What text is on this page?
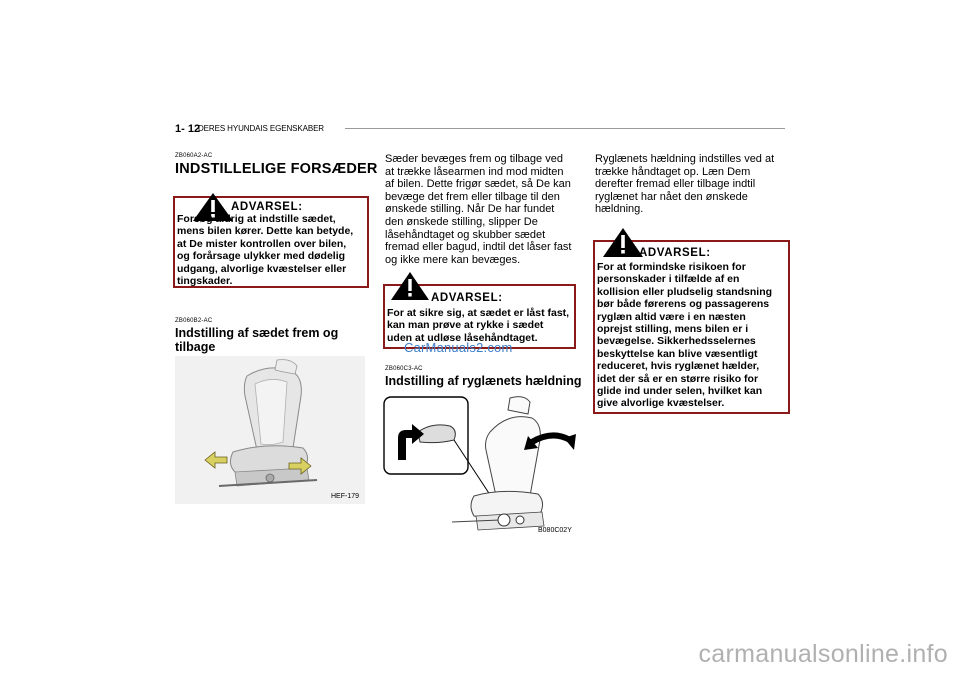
1- 12
DERES HYUNDAIS EGENSKABER
ZB060A2-AC
INDSTILLELIGE FORSÆDER
ADVARSEL:
Forsøg aldrig at indstille sædet,
mens bilen kører. Dette kan betyde,
at De mister kontrollen over bilen,
og forårsage ulykker med dødelig
udgang, alvorlige kvæstelser eller
tingskader.
ZB060B2-AC
Indstilling af sædet frem og
tilbage
HEF-179
Sæder bevæges frem og tilbage ved
at trække låsearmen ind mod midten
af bilen. Dette frigør sædet, så De kan
bevæge det frem eller tilbage til den
ønskede stilling. Når De har fundet
den ønskede stilling, slipper De
låsehåndtaget og skubber sædet
fremad eller bagud, indtil det låser fast
og ikke mere kan bevæges.
ADVARSEL:
For at sikre sig, at sædet er låst fast,
kan man prøve at rykke i sædet
uden at udløse låsehåndtaget.
CarManuals2.com
ZB060C3-AC
Indstilling af ryglænets hældning
B080C02Y
Ryglænets hældning indstilles ved at
trække håndtaget op. Læn Dem
derefter fremad eller tilbage indtil
ryglænet har nået den ønskede
hældning.
ADVARSEL:
For at formindske risikoen for
personskader i tilfælde af en
kollision eller pludselig standsning
bør både førerens og passagerens
ryglæn altid være i en næsten
oprejst stilling, mens bilen er i
bevægelse. Sikkerhedsselernes
beskyttelse kan blive væsentligt
reduceret, hvis ryglænet hælder,
idet der så er en større risiko for
glide ind under selen, hvilket kan
give alvorlige kvæstelser.
carmanualsonline.info
